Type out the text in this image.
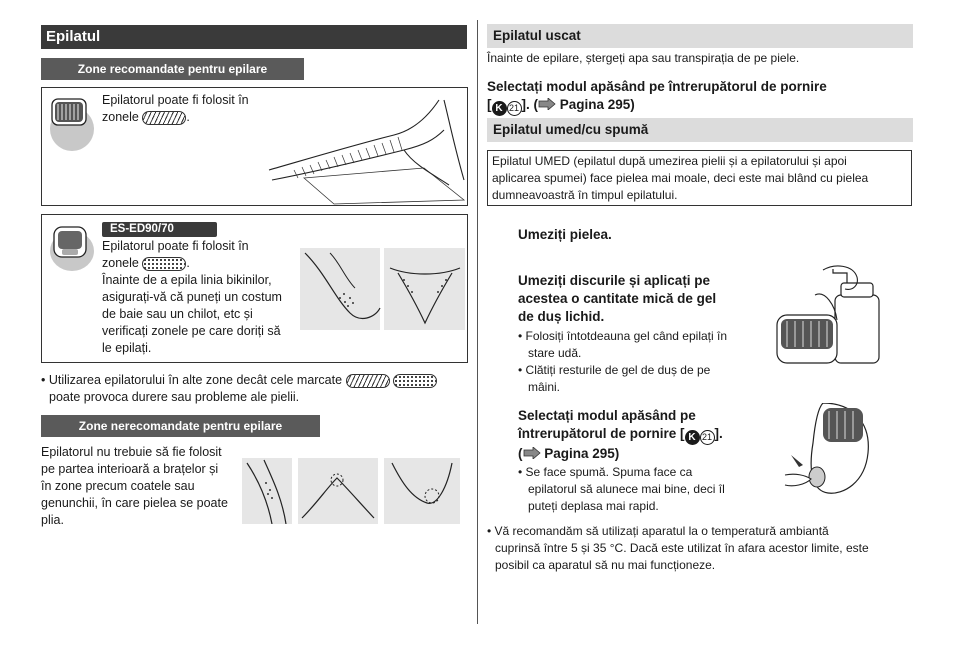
Epilatul
Zone recomandate pentru epilare
Epilatorul poate fi folosit în
zonele	.
ES-ED90/70
Epilatorul poate fi folosit în
zonele	.
Înainte de a epila linia bikinilor,
asigurați-vă că puneți un costum
de baie sau un chilot, etc și
verificați zonele pe care doriți să
le epilați.
• Utilizarea epilatorului în alte zone decât cele marcate
poate provoca durere sau probleme ale pielii.
Zone nerecomandate pentru epilare
Epilatorul nu trebuie să fie folosit
pe partea interioară a brațelor și
în zone precum coatele sau
genunchii, în care pielea se poate
plia.
Epilatul uscat
Înainte de epilare, ștergeți apa sau transpirația de pe piele.
Selectați modul apăsând pe întrerupătorul de pornire
[ K 21 ]. ( Pagina 295)
Epilatul umed/cu spumă
Epilatul UMED (epilatul după umezirea pielii și a epilatorului și apoi
aplicarea spumei) face pielea mai moale, deci este mai blând cu pielea
dumneavoastră în timpul epilatului.
Umeziți pielea.
Umeziți discurile și aplicați pe
acestea o cantitate mică de gel
de duș lichid.
• Folosiți întotdeauna gel când epilați în
stare udă.
• Clătiți resturile de gel de duș de pe
mâini.
Selectați modul apăsând pe
întrerupătorul de pornire [ K 21 ].
( Pagina 295)
• Se face spumă. Spuma face ca
epilatorul să alunece mai bine, deci îl
puteți deplasa mai rapid.
• Vă recomandăm să utilizați aparatul la o temperatură ambiantă
cuprinsă între 5 și 35 °C. Dacă este utilizat în afara acestor limite, este
posibil ca aparatul să nu mai funcționeze.
